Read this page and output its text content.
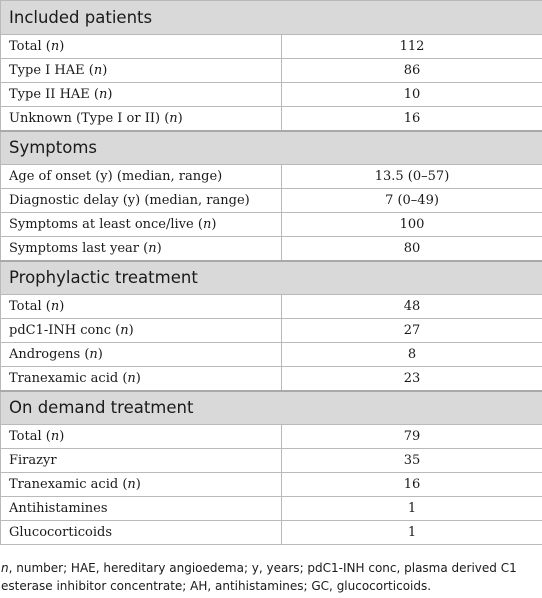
Included patients	
Total (n)	112
Type I HAE (n)	86
Type II HAE (n)	10
Unknown (Type I or II) (n)	16
Symptoms	
Age of onset (y) (median, range)	13.5 (0–57)
Diagnostic delay (y) (median, range)	7 (0–49)
Symptoms at least once/live (n)	100
Symptoms last year (n)	80
Prophylactic treatment	
Total (n)	48
pdC1-INH conc (n)	27
Androgens (n)	8
Tranexamic acid (n)	23
On demand treatment	
Total (n)	79
Firazyr	35
Tranexamic acid (n)	16
Antihistamines	1
Glucocorticoids	1
n, number; HAE, hereditary angioedema; y, years; pdC1-INH conc, plasma derived C1 esterase inhibitor concentrate; AH, antihistamines; GC, glucocorticoids.
